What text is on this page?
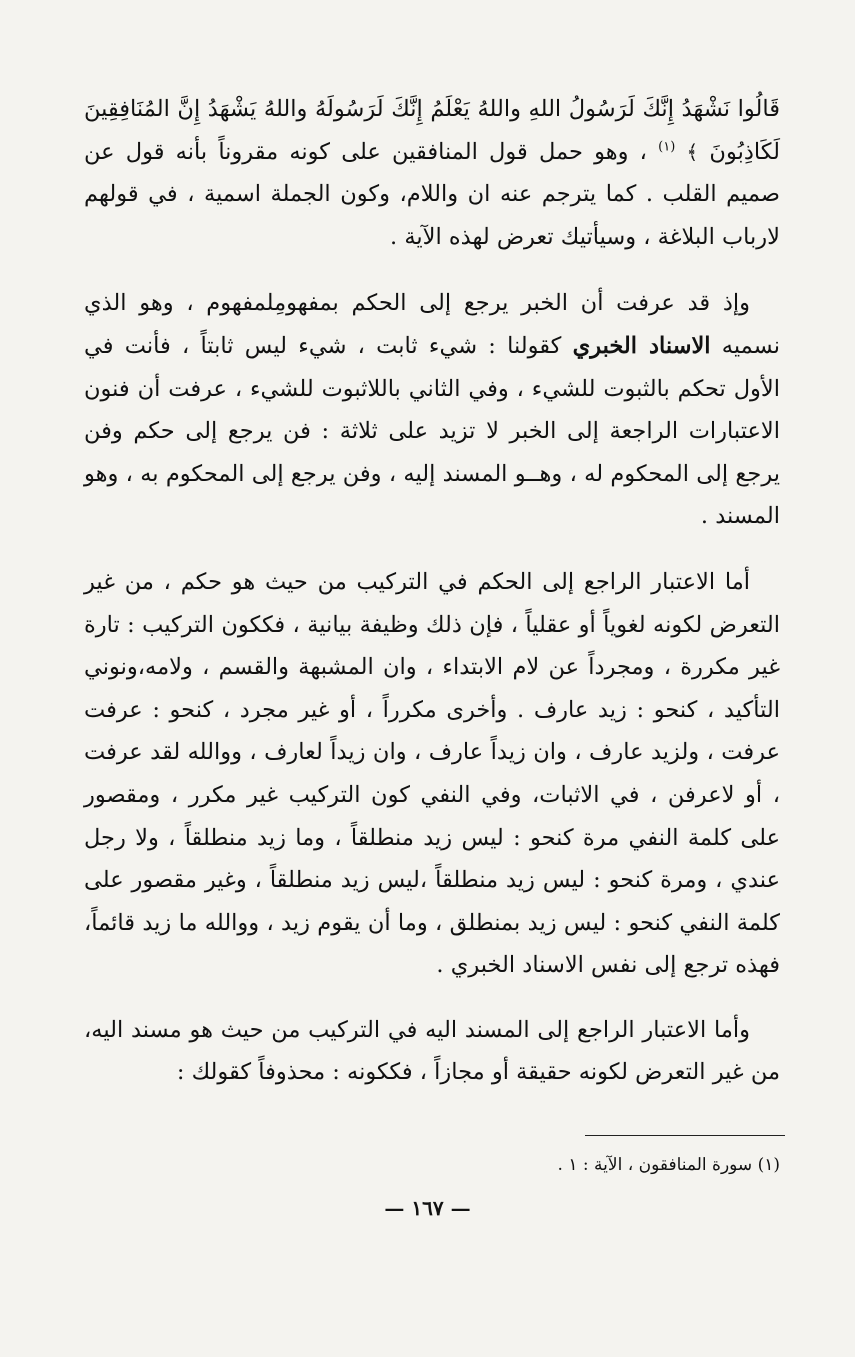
قَالُوا نَشْهَدُ إِنَّكَ لَرَسُولُ اللهِ واللهُ يَعْلَمُ إِنَّكَ لَرَسُولَهُ واللهُ يَشْهَدُ إِنَّ المُنَافِقِينَ لَكَاذِبُونَ ﴾ $^{(١)}$ ، وهو حمل قول المنافقين على كونه مقروناً بأنه قول عن صميم القلب . كما يترجم عنه ان واللام، وكون الجملة اسمية ، في قولهم لارباب البلاغة ، وسيأتيك تعرض لهذه الآية .

وإذ قد عرفت أن الخبر يرجع إلى الحكم بمفهومِلمفهوم ، وهو الذي نسميه الاسناد الخبري كقولنا : شيء ثابت ، شيء ليس ثابتاً ، فأنت في الأول تحكم بالثبوت للشيء ، وفي الثاني باللاثبوت للشيء ، عرفت أن فنون الاعتبارات الراجعة إلى الخبر لا تزيد على ثلاثة : فن يرجع إلى حكم وفن يرجع إلى المحكوم له ، وهــو المسند إليه ، وفن يرجع إلى المحكوم به ، وهو المسند .

أما الاعتبار الراجع إلى الحكم في التركيب من حيث هو حكم ، من غير التعرض لكونه لغوياً أو عقلياً ، فإن ذلك وظيفة بيانية ، فككون التركيب : تارة غير مكررة ، ومجرداً عن لام الابتداء ، وان المشبهة والقسم ، ولامه،ونوني التأكيد ، كنحو : زيد عارف . وأخرى مكرراً ، أو غير مجرد ، كنحو : عرفت عرفت ، ولزيد عارف ، وان زيداً عارف ، وان زيداً لعارف ، ووالله لقد عرفت ، أو لاعرفن ، في الاثبات، وفي النفي كون التركيب غير مكرر ، ومقصور على كلمة النفي مرة كنحو : ليس زيد منطلقاً ، وما زيد منطلقاً ، ولا رجل عندي ، ومرة كنحو : ليس زيد منطلقاً ،ليس زيد منطلقاً ، وغير مقصور على كلمة النفي كنحو : ليس زيد بمنطلق ، وما أن يقوم زيد ، ووالله ما زيد قائماً، فهذه ترجع إلى نفس الاسناد الخبري .

وأما الاعتبار الراجع إلى المسند اليه في التركيب من حيث هو مسند اليه، من غير التعرض لكونه حقيقة أو مجازاً ، فككونه : محذوفاً كقولك :

(١) سورة المنافقون ، الآية : ١ .
— ١٦٧ —
